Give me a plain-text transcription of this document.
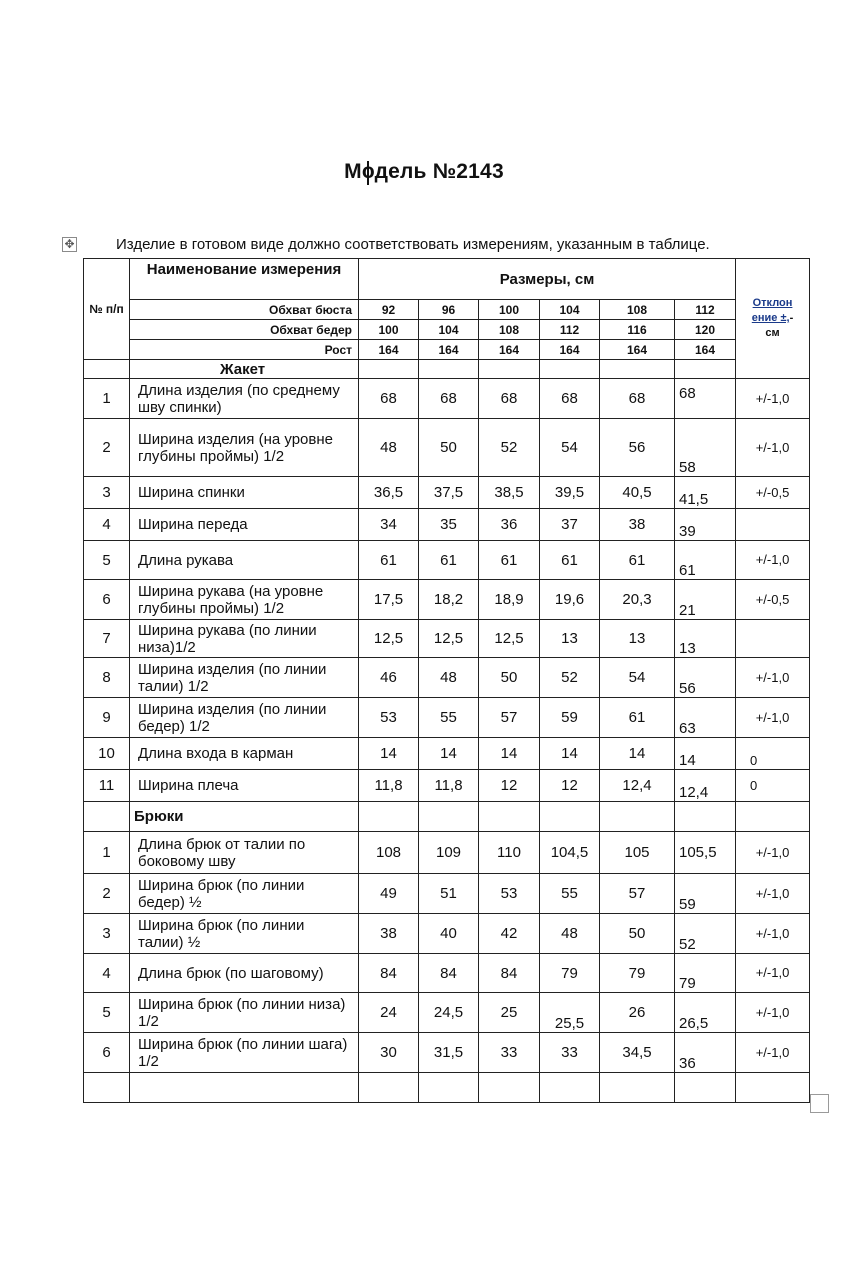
Модель №2143
✥	Изделие в готовом виде должно соответствовать измерениям, указанным в таблице.
№ п/п	Наименование измерения	Размеры, см						Отклон
ение ±,-
см
	Обхват бюста	92	96	100	104	108	112	
	Обхват бедер	100	104	108	112	116	120	
	Рост	164	164	164	164	164	164	
	Жакет							
1	Длина изделия (по среднему шву спинки)	68	68	68	68	68	68	+/-1,0
2	Ширина изделия (на уровне глубины проймы) 1/2	48	50	52	54	56	58	+/-1,0
3	Ширина спинки	36,5	37,5	38,5	39,5	40,5	41,5	+/-0,5
4	Ширина переда	34	35	36	37	38	39	
5	Длина рукава	61	61	61	61	61	61	+/-1,0
6	Ширина рукава (на уровне глубины проймы) 1/2	17,5	18,2	18,9	19,6	20,3	21	+/-0,5
7	Ширина рукава (по линии низа)1/2	12,5	12,5	12,5	13	13	13	
8	Ширина изделия (по линии талии) 1/2	46	48	50	52	54	56	+/-1,0
9	Ширина изделия (по линии бедер) 1/2	53	55	57	59	61	63	+/-1,0
10	Длина входа в карман	14	14	14	14	14	14	0
11	Ширина плеча	11,8	11,8	12	12	12,4	12,4	0
	Брюки							
1	Длина брюк от талии по боковому шву	108	109	110	104,5	105	105,5	+/-1,0
2	Ширина брюк (по линии бедер) ½	49	51	53	55	57	59	+/-1,0
3	Ширина брюк (по линии талии) ½	38	40	42	48	50	52	+/-1,0
4	Длина брюк (по шаговому)	84	84	84	79	79	79	+/-1,0
5	Ширина брюк (по линии низа) 1/2	24	24,5	25	25,5	26	26,5	+/-1,0
6	Ширина брюк (по линии шага) 1/2	30	31,5	33	33	34,5	36	+/-1,0
